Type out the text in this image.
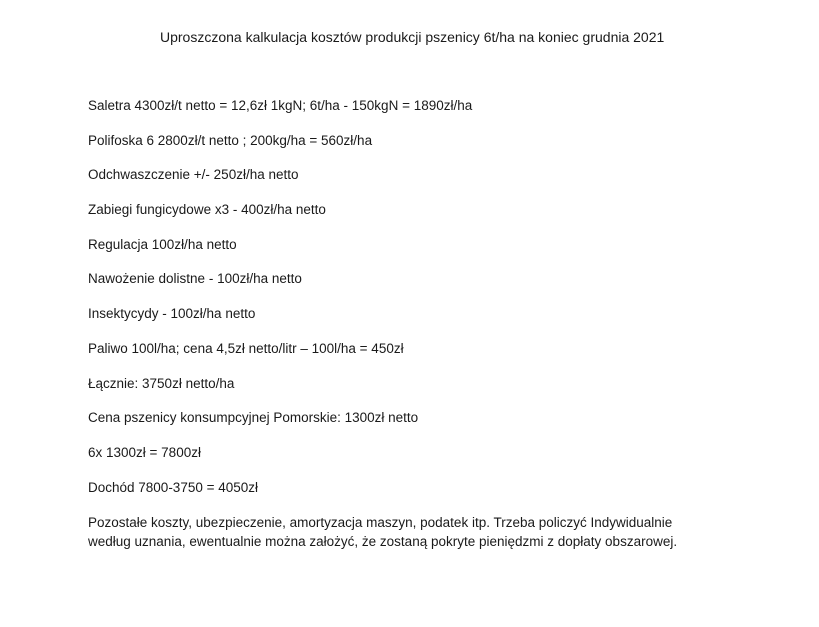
Uproszczona kalkulacja kosztów produkcji pszenicy 6t/ha na koniec grudnia 2021
Saletra 4300zł/t netto = 12,6zł 1kgN; 6t/ha - 150kgN = 1890zł/ha
Polifoska 6 2800zł/t netto ; 200kg/ha = 560zł/ha
Odchwaszczenie +/- 250zł/ha netto
Zabiegi fungicydowe x3 - 400zł/ha netto
Regulacja 100zł/ha netto
Nawożenie dolistne - 100zł/ha netto
Insektycydy - 100zł/ha netto
Paliwo 100l/ha; cena 4,5zł netto/litr – 100l/ha = 450zł
Łącznie: 3750zł netto/ha
Cena pszenicy konsumpcyjnej Pomorskie: 1300zł netto
6x 1300zł = 7800zł
Dochód 7800-3750 = 4050zł
Pozostałe koszty, ubezpieczenie, amortyzacja maszyn, podatek itp. Trzeba policzyć Indywidualnie
według uznania, ewentualnie można założyć, że zostaną pokryte pieniędzmi z dopłaty obszarowej.
